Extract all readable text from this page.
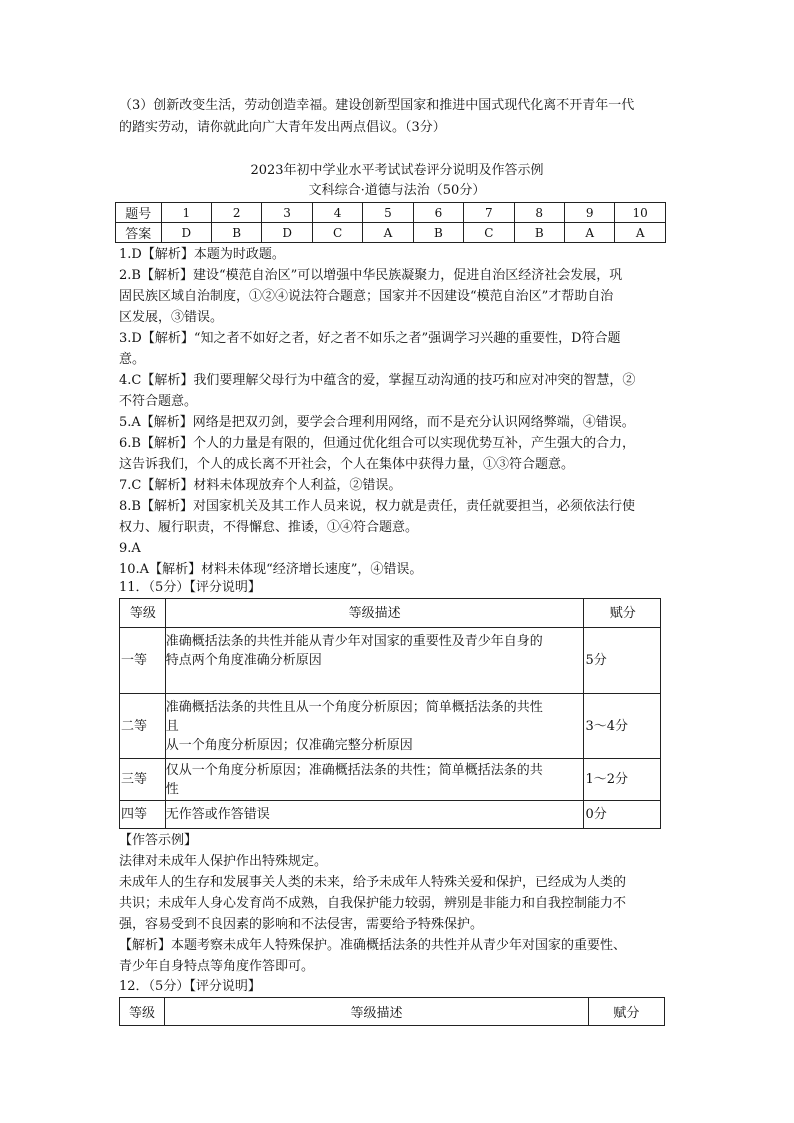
（3）创新改变生活，劳动创造幸福。建设创新型国家和推进中国式现代化离不开青年一代
的踏实劳动，请你就此向广大青年发出两点倡议。（3分）
2023年初中学业水平考试试卷评分说明及作答示例
文科综合·道德与法治（50分）
题号	1	2	3	4	5	6	7	8	9	10
答案	D	B	D	C	A	B	C	B	A	A
1.D【解析】本题为时政题。
2.B【解析】建设“模范自治区”可以增强中华民族凝聚力，促进自治区经济社会发展，巩
固民族区域自治制度，①②④说法符合题意；国家并不因建设“模范自治区”才帮助自治
区发展，③错误。
3.D【解析】“知之者不如好之者，好之者不如乐之者”强调学习兴趣的重要性，D符合题
意。
4.C【解析】我们要理解父母行为中蕴含的爱，掌握互动沟通的技巧和应对冲突的智慧，②
不符合题意。
5.A【解析】网络是把双刃剑，要学会合理利用网络，而不是充分认识网络弊端，④错误。
6.B【解析】个人的力量是有限的，但通过优化组合可以实现优势互补，产生强大的合力，
这告诉我们，个人的成长离不开社会，个人在集体中获得力量，①③符合题意。
7.C【解析】材料未体现放弃个人利益，②错误。
8.B【解析】对国家机关及其工作人员来说，权力就是责任，责任就要担当，必须依法行使
权力、履行职责，不得懈怠、推诿，①④符合题意。
9.A
10.A【解析】材料未体现“经济增长速度”，④错误。
11．（5分）【评分说明】
等级	等级描述	赋分
一等	准确概括法条的共性并能从青少年对国家的重要性及青少年自身的
特点两个角度准确分析原因	5分
二等	准确概括法条的共性且从一个角度分析原因；简单概括法条的共性
且
从一个角度分析原因；仅准确完整分析原因	3～4分
三等	仅从一个角度分析原因；准确概括法条的共性；简单概括法条的共
性	1～2分
四等	无作答或作答错误	0分
【作答示例】
法律对未成年人保护作出特殊规定。
未成年人的生存和发展事关人类的未来，给予未成年人特殊关爱和保护，已经成为人类的
共识；未成年人身心发育尚不成熟，自我保护能力较弱，辨别是非能力和自我控制能力不
强，容易受到不良因素的影响和不法侵害，需要给予特殊保护。
【解析】本题考察未成年人特殊保护。准确概括法条的共性并从青少年对国家的重要性、
青少年自身特点等角度作答即可。
12．（5分）【评分说明】
等级	等级描述	赋分
